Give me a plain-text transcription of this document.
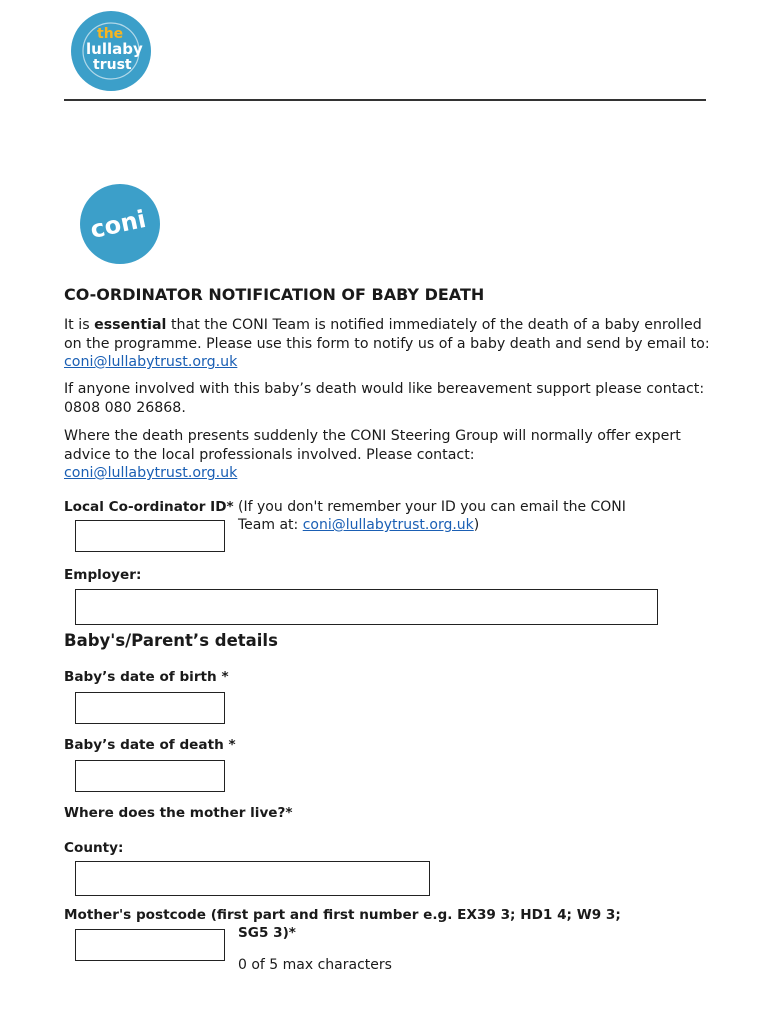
the
lullaby
trust
coni
CO-ORDINATOR NOTIFICATION OF BABY DEATH

It is essential that the CONI Team is notified immediately of the death of a baby enrolled on the programme. Please use this form to notify us of a baby death and send by email to: coni@lullabytrust.org.uk

If anyone involved with this baby’s death would like bereavement support please contact: 0808 080 26868.

Where the death presents suddenly the CONI Steering Group will normally offer expert advice to the local professionals involved. Please contact:
coni@lullabytrust.org.uk

Local Co-ordinator ID* (If you don't remember your ID you can email the CONI
Team at: coni@lullabytrust.org.uk)
Employer:
Baby's/Parent’s details
Baby’s date of birth *
Baby’s date of death *
Where does the mother live?*
County:
Mother's postcode (first part and first number e.g. EX39 3; HD1 4; W9 3;
SG5 3)*
0 of 5 max characters
